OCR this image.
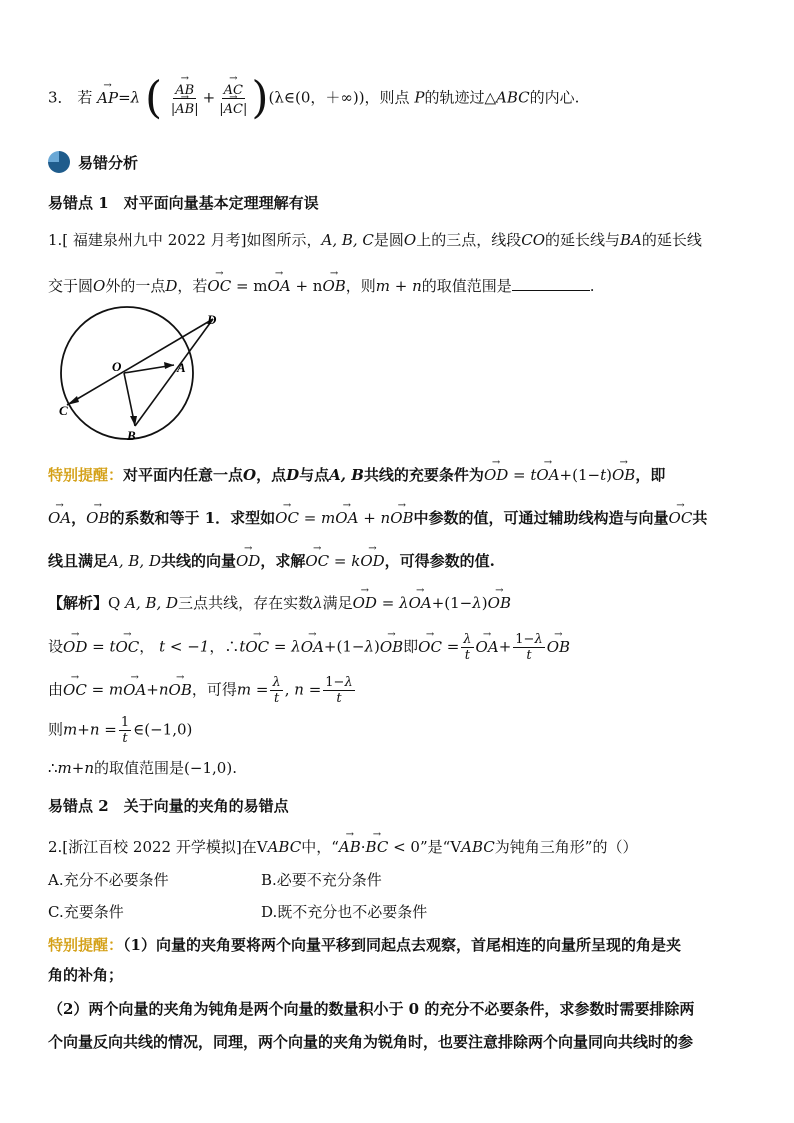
3． 若 → AP=λ (
→ $\frac{AB}{|\to AB|}$ +
→ $\frac{AC}{|\to AC|}$ )(λ∈(0，＋∞))，则点 P的轨迹过△ABC的内心.
易错分析
易错点 1　对平面向量基本定理理解有误
1.[ 福建泉州九中 2022 月考]如图所示，A, B, C是圆O上的三点，线段CO的延长线与BA的延长线
交于圆O外的一点D，若→ OC = m→ OA + n→ OB，则m + n的取值范围是	.
O	A
B
C
D
特别提醒：对平面内任意一点O，点D与点A, B共线的充要条件为→ OD = t→ OA+(1−t)→ OB，即
→ OA，→ OB的系数和等于 1．求型如→ OC = m→ OA + n→ OB中参数的值，可通过辅助线构造与向量→ OC共
线且满足A, B, D共线的向量→ OD，求解→ OC = k→ OD，可得参数的值.
【解析】Q A, B, D三点共线，存在实数λ满足→ OD = λ→ OA+(1−λ)→ OB
设→ OD = t→ OC， t < −1，∴t→ OC = λ→ OA+(1−λ)→ OB即→ OC = $\frac{\lambda}{t}$
→ $OA+ \frac{1-\lambda}{t}$
→ OB
由→ OC = m→ OA+n→ OB，可得$m = \frac{\lambda}{t}$ , $n = \frac{1-\lambda}{t}$
则$m+n = \frac{1}{t}$ ∈(−1,0)
∴m+n的取值范围是(−1,0).
易错点 2　关于向量的夹角的易错点
2.[浙江百校 2022 开学模拟]在VABC中，“→ AB·→ BC < 0”是“VABC为钝角三角形”的（）
A.充分不必要条件	B.必要不充分条件
C.充要条件	D.既不充分也不必要条件
特别提醒：（1）向量的夹角要将两个向量平移到同起点去观察，首尾相连的向量所呈现的角是夹
角的补角；
（2）两个向量的夹角为钝角是两个向量的数量积小于 0 的充分不必要条件，求参数时需要排除两
个向量反向共线的情况，同理，两个向量的夹角为锐角时，也要注意排除两个向量同向共线时的参
